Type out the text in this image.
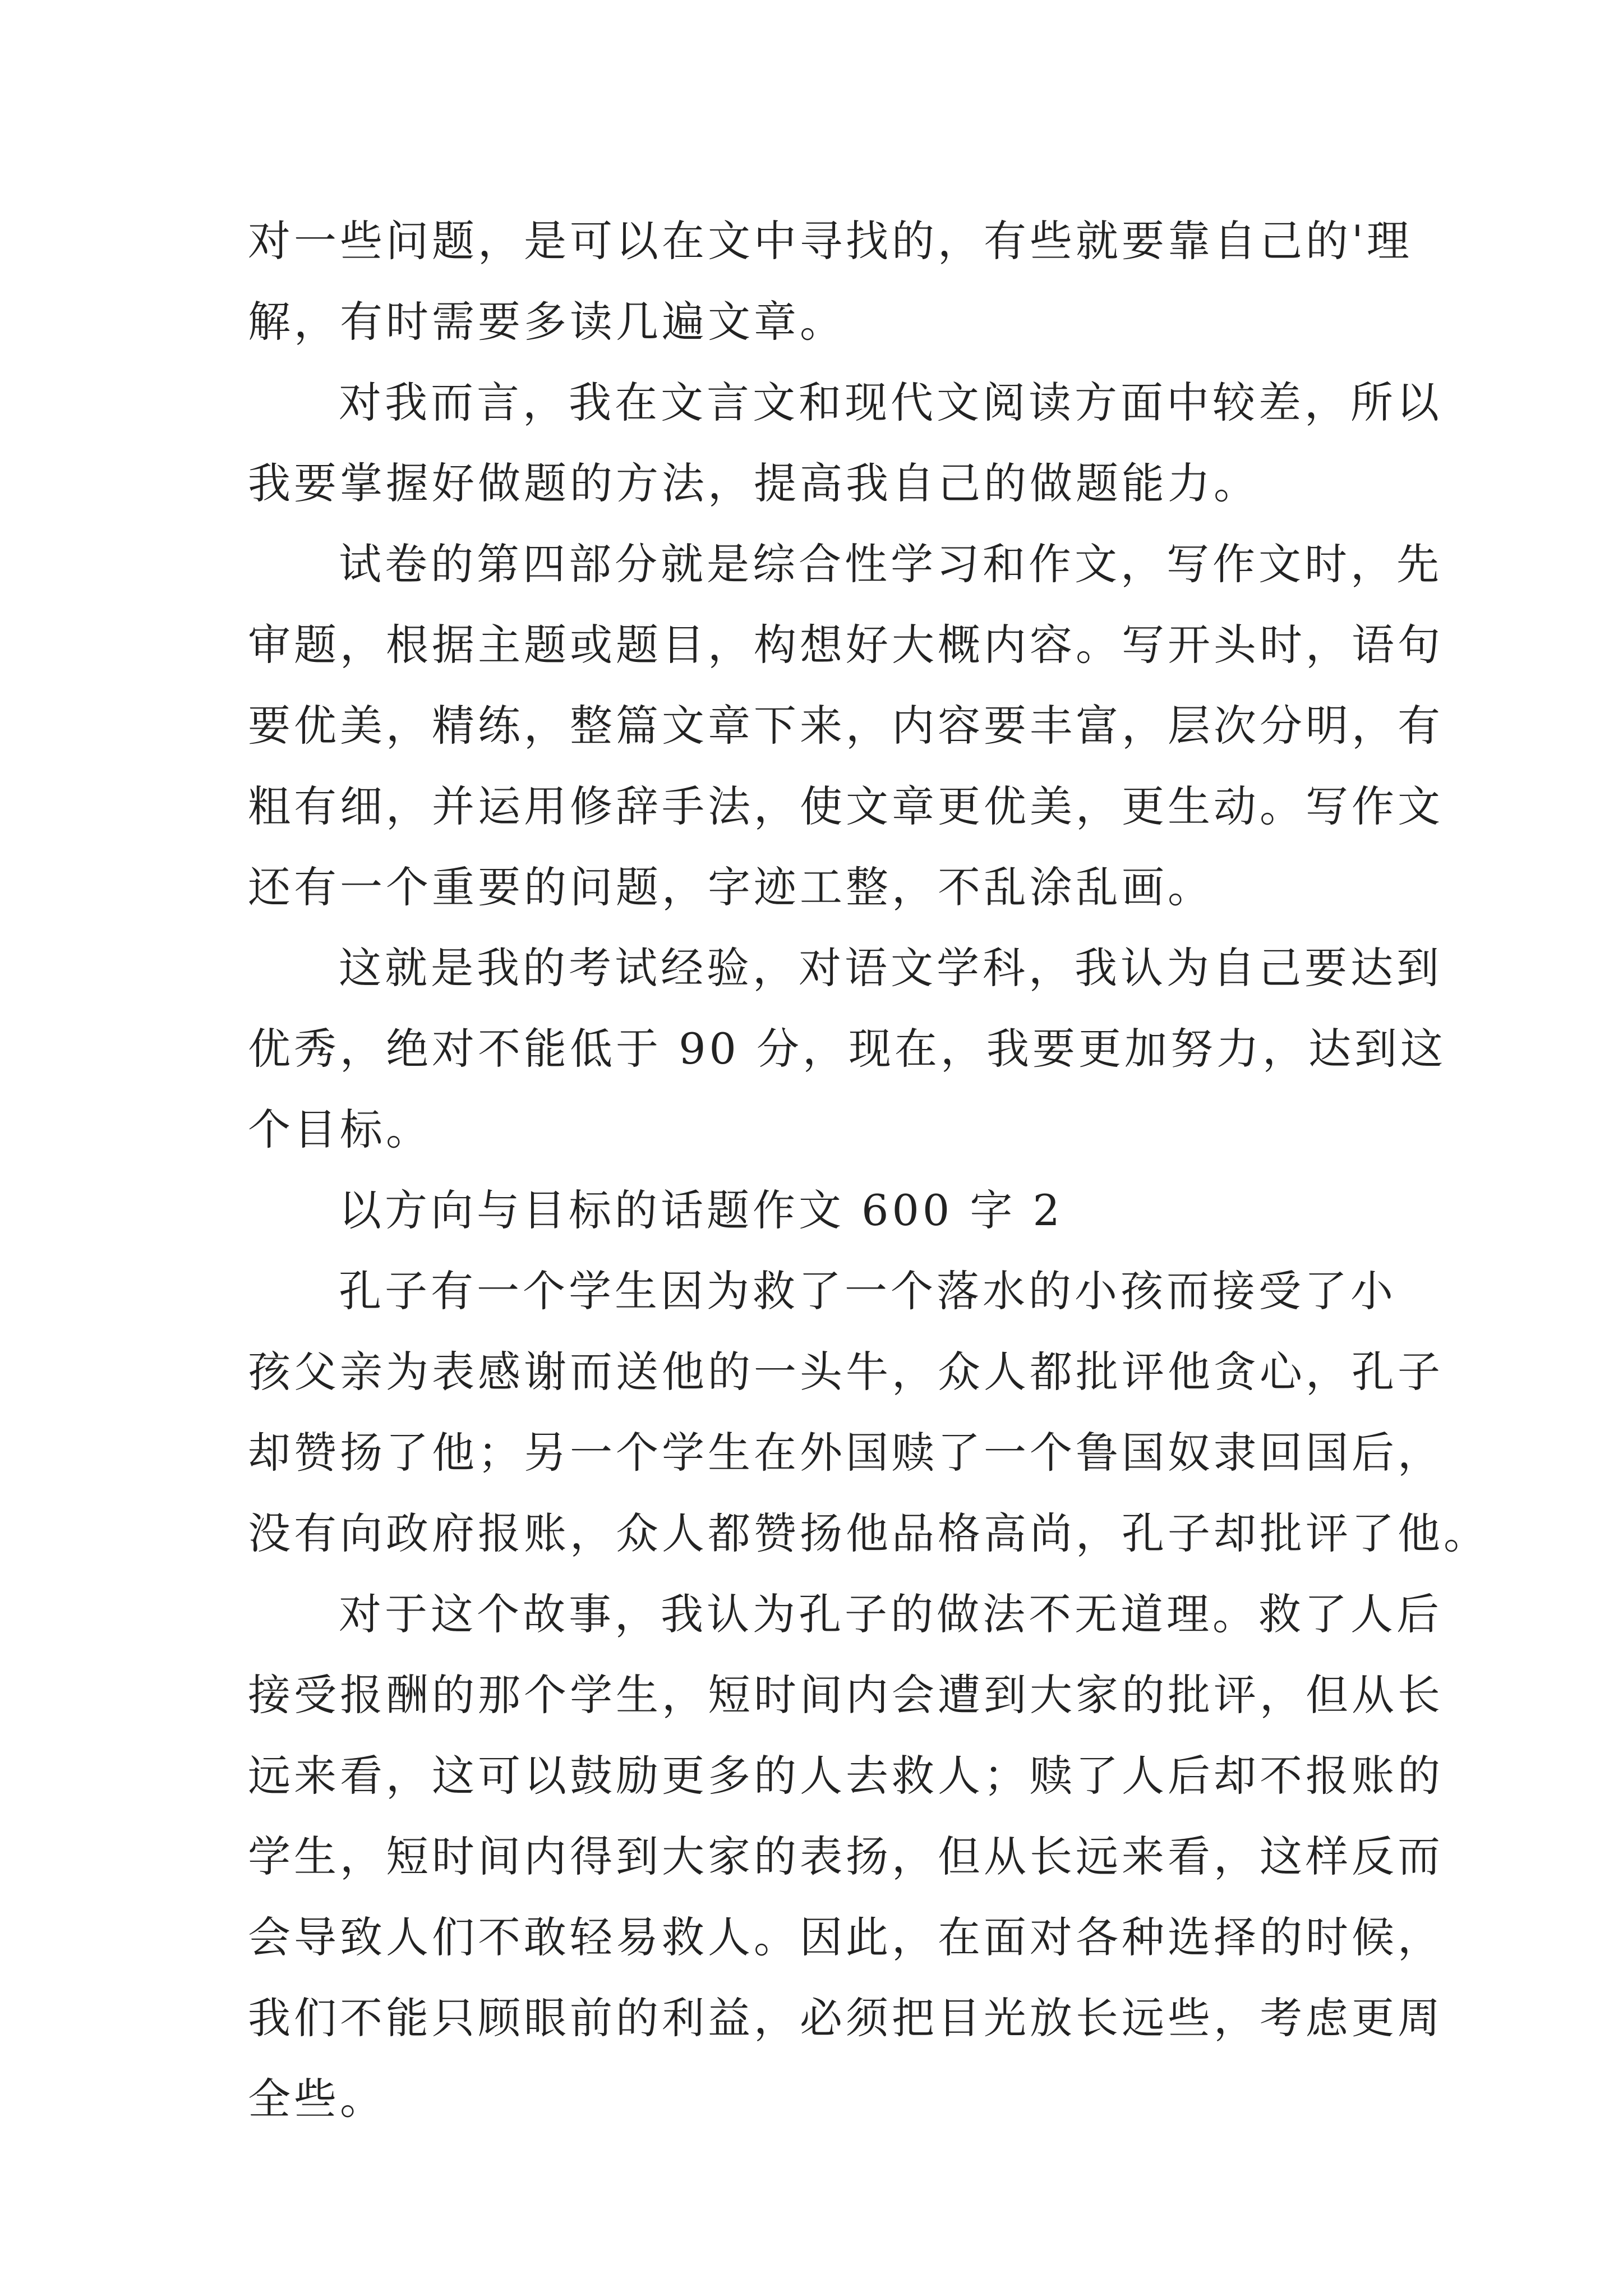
对一些问题，是可以在文中寻找的，有些就要靠自己的'理
解，有时需要多读几遍文章。
对我而言，我在文言文和现代文阅读方面中较差，所以
我要掌握好做题的方法，提高我自己的做题能力。
试卷的第四部分就是综合性学习和作文，写作文时，先
审题，根据主题或题目，构想好大概内容。写开头时，语句
要优美，精练，整篇文章下来，内容要丰富，层次分明，有
粗有细，并运用修辞手法，使文章更优美，更生动。写作文
还有一个重要的问题，字迹工整，不乱涂乱画。
这就是我的考试经验，对语文学科，我认为自己要达到
优秀，绝对不能低于 90 分，现在，我要更加努力，达到这
个目标。
以方向与目标的话题作文 600 字 2
孔子有一个学生因为救了一个落水的小孩而接受了小
孩父亲为表感谢而送他的一头牛，众人都批评他贪心，孔子
却赞扬了他；另一个学生在外国赎了一个鲁国奴隶回国后，
没有向政府报账，众人都赞扬他品格高尚，孔子却批评了他。
对于这个故事，我认为孔子的做法不无道理。救了人后
接受报酬的那个学生，短时间内会遭到大家的批评，但从长
远来看，这可以鼓励更多的人去救人；赎了人后却不报账的
学生，短时间内得到大家的表扬，但从长远来看，这样反而
会导致人们不敢轻易救人。因此，在面对各种选择的时候，
我们不能只顾眼前的利益，必须把目光放长远些，考虑更周
全些。
